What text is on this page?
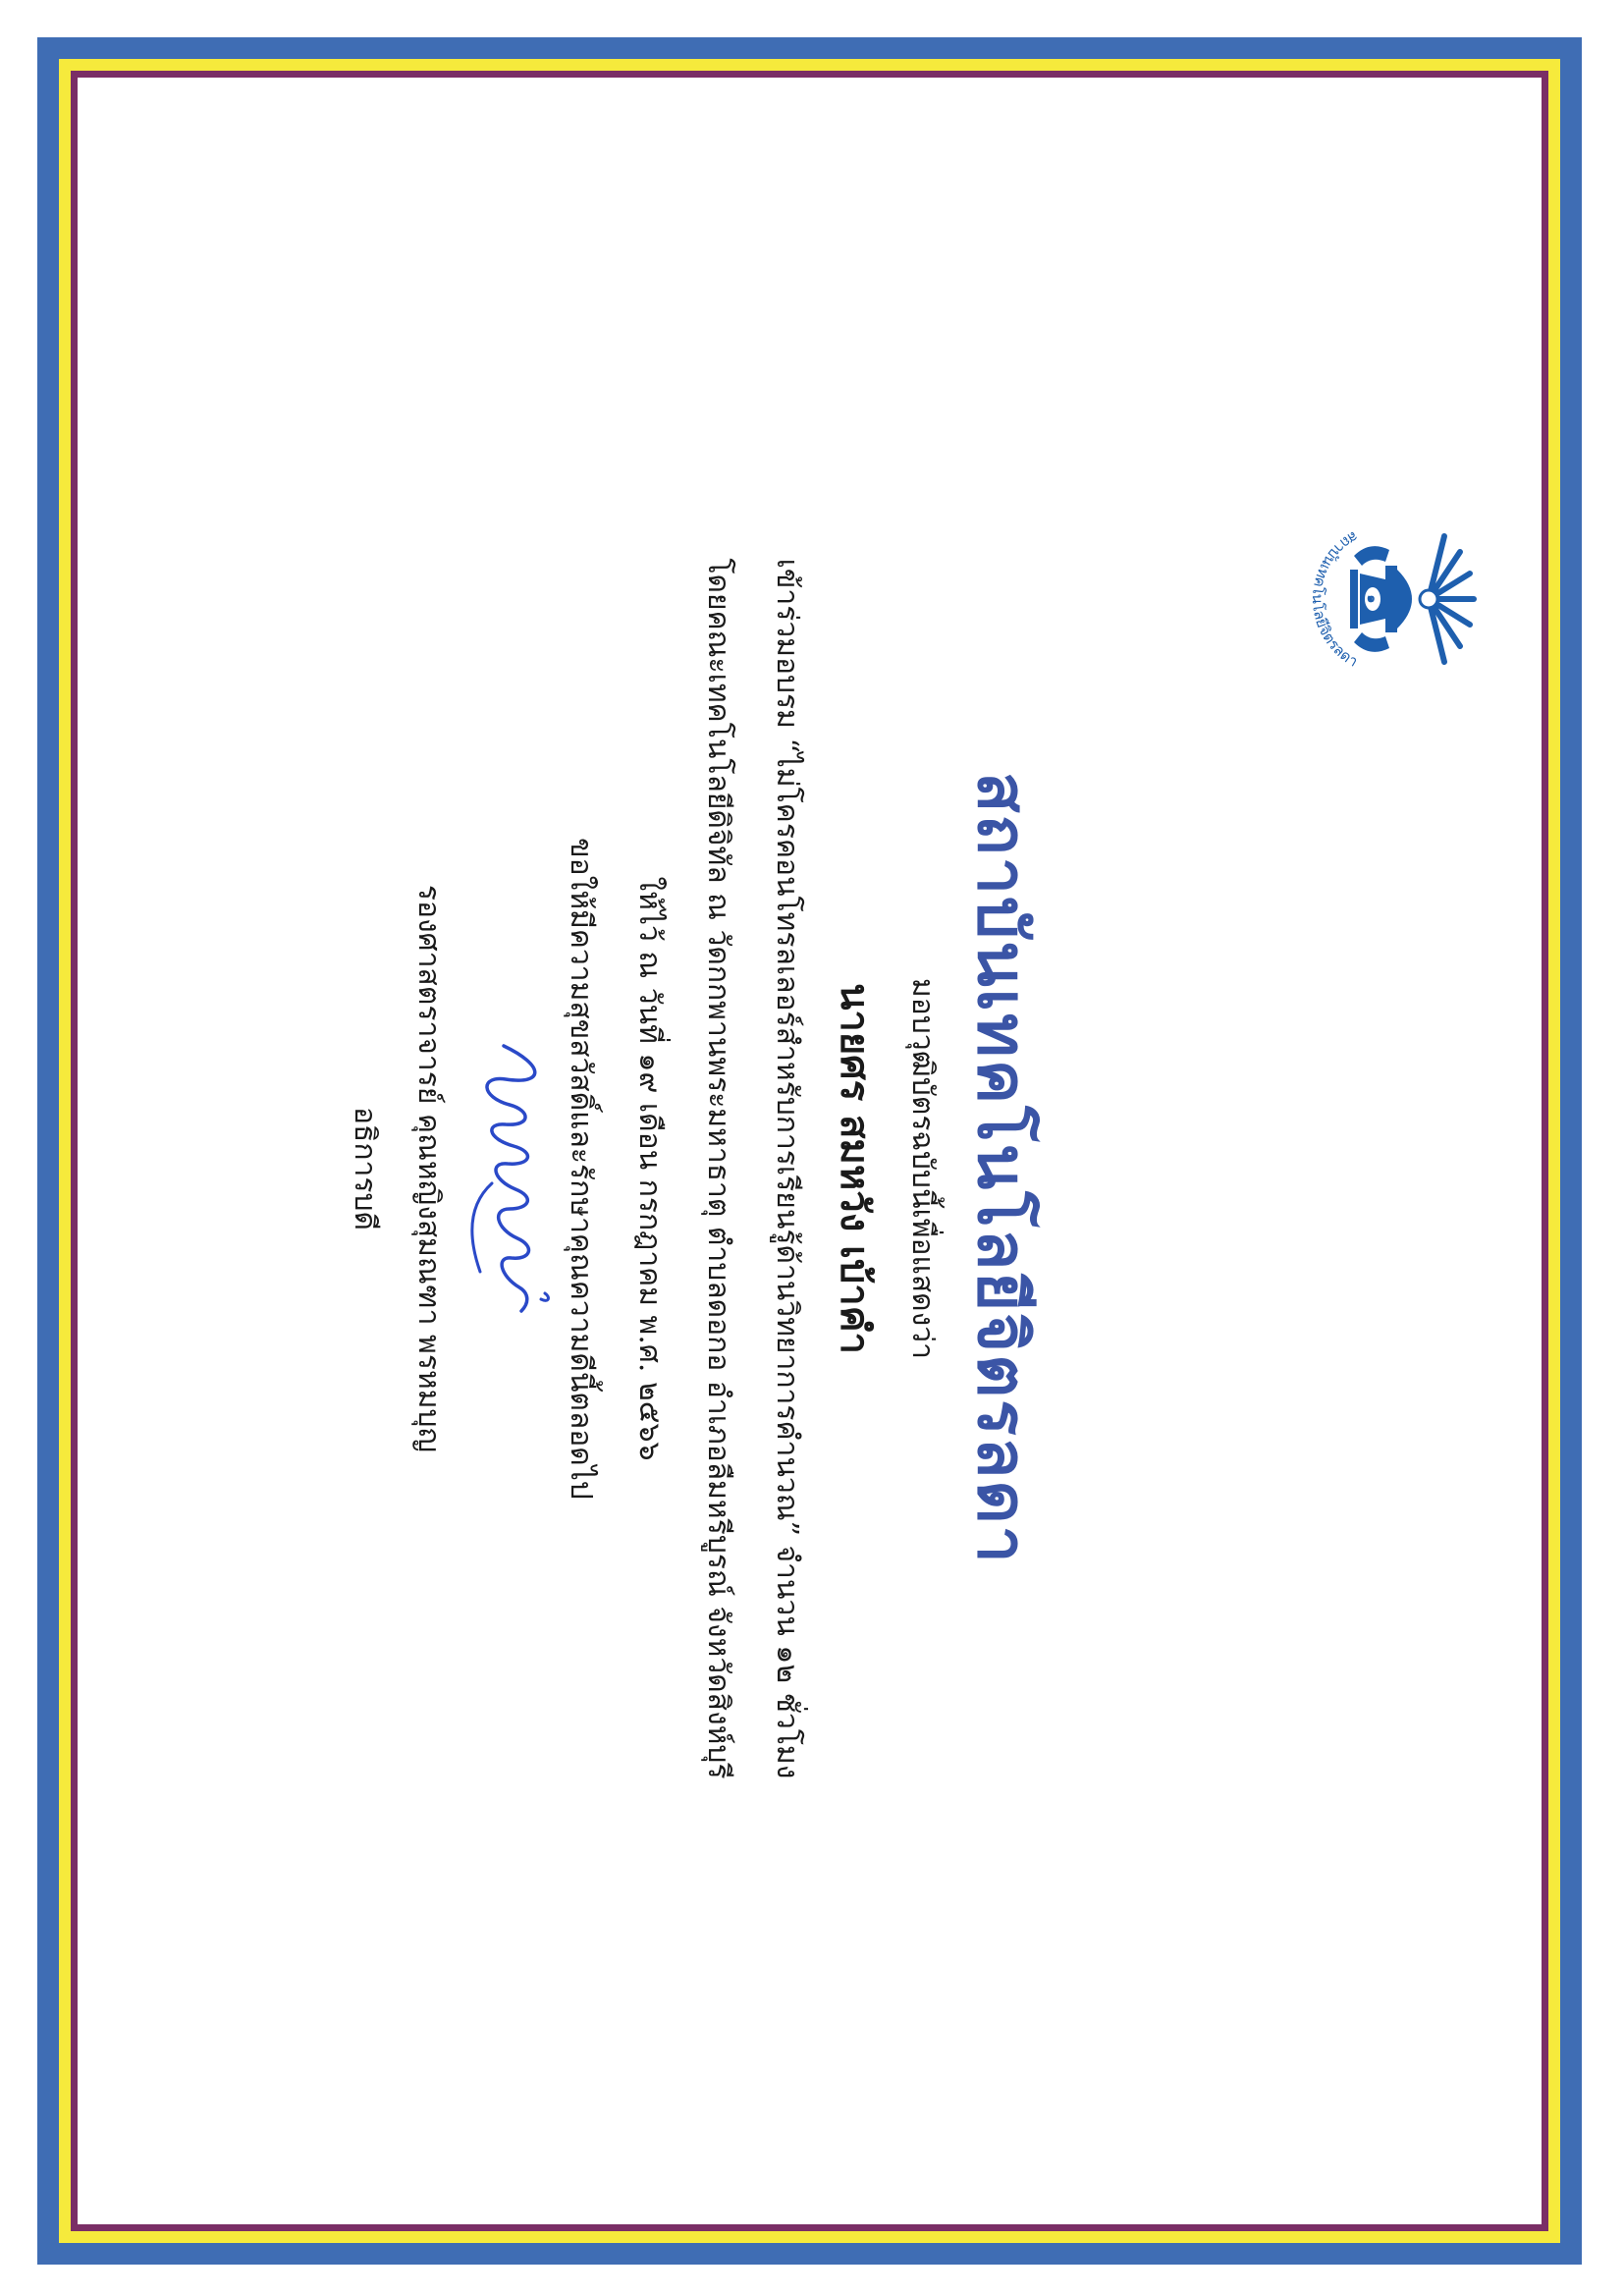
๑
สถาบันเทคโนโลยีจิตรลดา
สถาบันเทคโนโลยีจิตรลดา
มอบวุฒิบัตรฉบับนี้เพื่อแสดงว่า
นายศร สมหวัง เบ้าคำ
เข้าร่วมอบรม “ไม่โครคอนโทรลเลอร์สำหรับการเรียนรู้ด้านวิทยาการคำนวณ” จำนวน ๑๒ ชั่วโมง
โดยคณะเทคโนโลยีดิจิทัล ณ วัดกกพานพระมหาธาตุ ตำบลดอกอ อำเภอลืมหรีบูรณ์ จังหวัดสิงห์บุรี
ให้ไว้ ณ วันที่ ๑๙ เดือน กรกฎาคม พ.ศ. ๒๕๖๖
ขอให้มีความสุขสวัสดิ์และรักษาคุณความดีนี้ตลอดไป
รองศาสตราจารย์ คุณหญิงสุมณฑา พรหมบุญ
อธิการบดี
